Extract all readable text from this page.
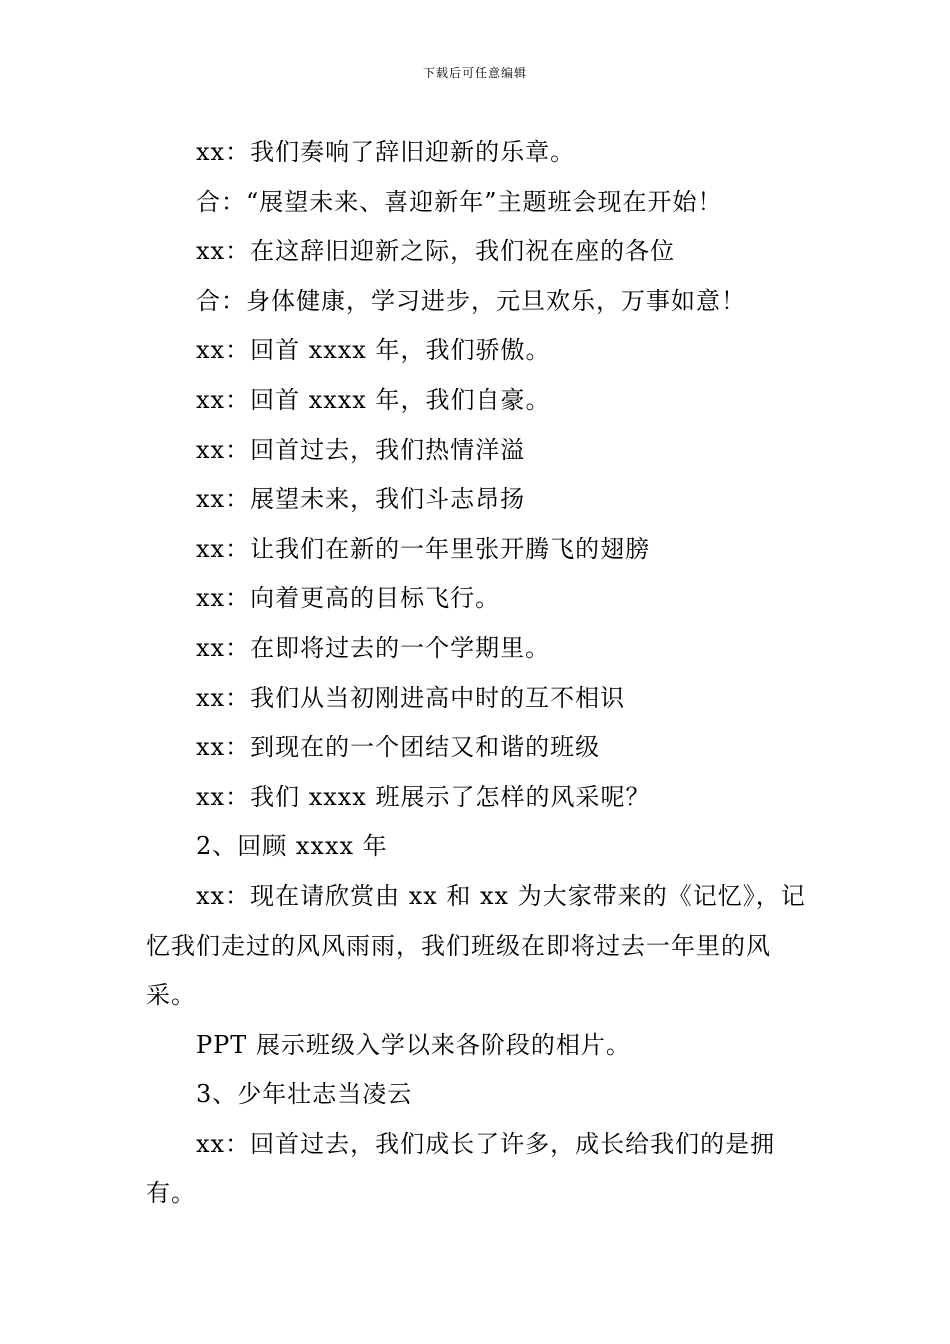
下载后可任意编辑

xx：我们奏响了辞旧迎新的乐章。

合：“展望未来、喜迎新年”主题班会现在开始！

xx：在这辞旧迎新之际，我们祝在座的各位

合：身体健康，学习进步，元旦欢乐，万事如意！

xx：回首 xxxx 年，我们骄傲。

xx：回首 xxxx 年，我们自豪。

xx：回首过去，我们热情洋溢

xx：展望未来，我们斗志昂扬

xx：让我们在新的一年里张开腾飞的翅膀

xx：向着更高的目标飞行。

xx：在即将过去的一个学期里。

xx：我们从当初刚进高中时的互不相识

xx：到现在的一个团结又和谐的班级

xx：我们 xxxx 班展示了怎样的风采呢？

2、回顾 xxxx 年

xx：现在请欣赏由 xx 和 xx 为大家带来的《记忆》，记忆我们走过的风风雨雨，我们班级在即将过去一年里的风采。

PPT 展示班级入学以来各阶段的相片。

3、少年壮志当凌云

xx：回首过去，我们成长了许多，成长给我们的是拥有。
